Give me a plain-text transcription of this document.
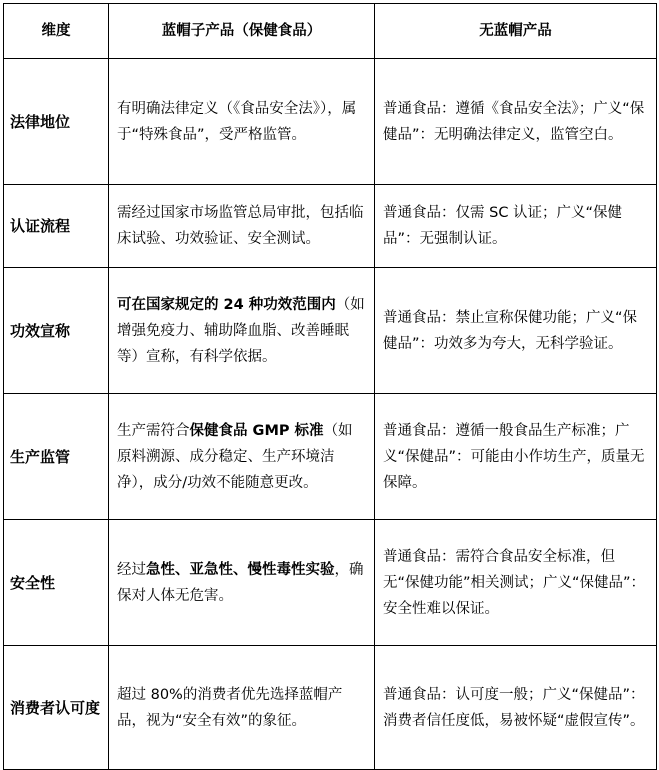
维度	蓝帽子产品（保健食品）	无蓝帽产品
法律地位
有明确法律定义（《食品安全法》），属于“特殊食品”，受严格监管。
普通食品：遵循《食品安全法》；广义“保健品”：无明确法律定义，监管空白。
认证流程
需经过国家市场监管总局审批，包括临床试验、功效验证、安全测试。
普通食品：仅需 SC 认证；广义“保健品”：无强制认证。
功效宣称
可在国家规定的 24 种功效范围内（如增强免疫力、辅助降血脂、改善睡眠等）宣称，有科学依据。
普通食品：禁止宣称保健功能；广义“保健品”：功效多为夸大，无科学验证。
生产监管
生产需符合保健食品 GMP 标准（如原料溯源、成分稳定、生产环境洁净），成分/功效不能随意更改。
普通食品：遵循一般食品生产标准；广义“保健品”：可能由小作坊生产，质量无保障。
安全性
经过急性、亚急性、慢性毒性实验，确保对人体无危害。
普通食品：需符合食品安全标准，但无“保健功能”相关测试；广义“保健品”：安全性难以保证。
消费者认可度
超过 80%的消费者优先选择蓝帽产品，视为“安全有效”的象征。
普通食品：认可度一般；广义“保健品”：消费者信任度低，易被怀疑“虚假宣传”。
